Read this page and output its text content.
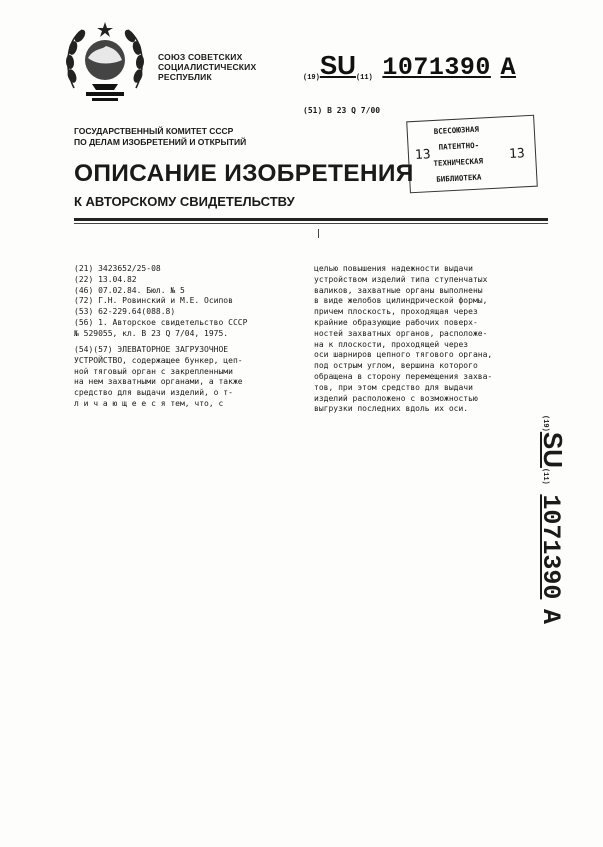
СОЮЗ СОВЕТСКИХ
СОЦИАЛИСТИЧЕСКИХ
РЕСПУБЛИК	(19)SU(11) 1071390 A
(51) B 23 Q 7/00
ГОСУДАРСТВЕННЫЙ КОМИТЕТ СССР
ПО ДЕЛАМ ИЗОБРЕТЕНИЙ И ОТКРЫТИЙ
ВСЕСОЮЗНАЯ
ПАТЕНТНО-
ТЕХНИЧЕСКАЯ
БИБЛИОТЕКА
13	13
ОПИСАНИЕ ИЗОБРЕТЕНИЯ
К АВТОРСКОМУ СВИДЕТЕЛЬСТВУ
(21) 3423652/25-08
(22) 13.04.82
(46) 07.02.84. Бюл. № 5
(72) Г.Н. Ровинский и М.Е. Осипов
(53) 62-229.64(088.8)
(56) 1. Авторское свидетельство СССР
№ 529055, кл. В 23 Q 7/04, 1975.
(54)(57) ЭЛЕВАТОРНОЕ ЗАГРУЗОЧНОЕ
УСТРОЙСТВО, содержащее бункер, цеп-
ной тяговый орган с закрепленными
на нем захватными органами, а также
средство для выдачи изделий, о т-
л и ч а ю щ е е с я тем, что, с
целью повышения надежности выдачи
устройством изделий типа ступенчатых
валиков, захватные органы выполнены
в виде желобов цилиндрической формы,
причем плоскость, проходящая через
крайние образующие рабочих поверх-
ностей захватных органов, расположе-
на к плоскости, проходящей через
оси шарниров цепного тягового органа,
под острым углом, вершина которого
обращена в сторону перемещения захва-
тов, при этом средство для выдачи
изделий расположено с возможностью
выгрузки последних вдоль их оси.
(19)SU(11) 1071390 A
